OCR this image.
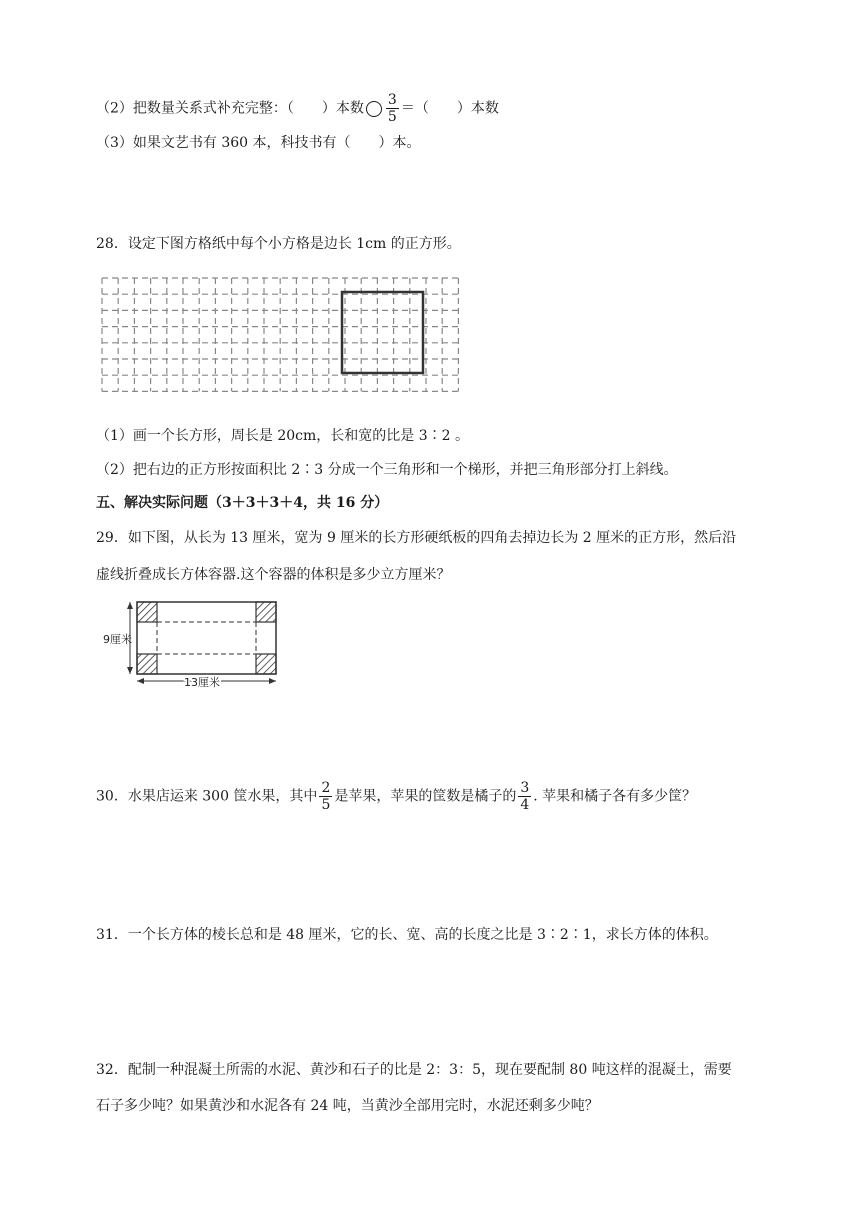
（2）把数量关系式补充完整：（　　）本数 $\frac{3}{5}$ ＝（　　）本数
（3）如果文艺书有 360 本，科技书有（　　）本。
28．设定下图方格纸中每个小方格是边长 1cm 的正方形。
（1）画一个长方形，周长是 20cm，长和宽的比是 3∶2 。
（2）把右边的正方形按面积比 2∶3 分成一个三角形和一个梯形，并把三角形部分打上斜线。
五、解决实际问题（3＋3＋3＋4，共 16 分）
29．如下图，从长为 13 厘米，宽为 9 厘米的长方形硬纸板的四角去掉边长为 2 厘米的正方形，然后沿
虚线折叠成长方体容器.这个容器的体积是多少立方厘米？
9厘米
13厘米
30．水果店运来 300 筐水果，其中 $\frac{2}{5}$ 是苹果，苹果的筐数是橘子的 $\frac{3}{4}$ . 苹果和橘子各有多少筐？
31．一个长方体的棱长总和是 48 厘米，它的长、宽、高的长度之比是 3∶2∶1，求长方体的体积。
32．配制一种混凝土所需的水泥、黄沙和石子的比是 2：3：5，现在要配制 80 吨这样的混凝土，需要
石子多少吨？如果黄沙和水泥各有 24 吨，当黄沙全部用完时，水泥还剩多少吨？
